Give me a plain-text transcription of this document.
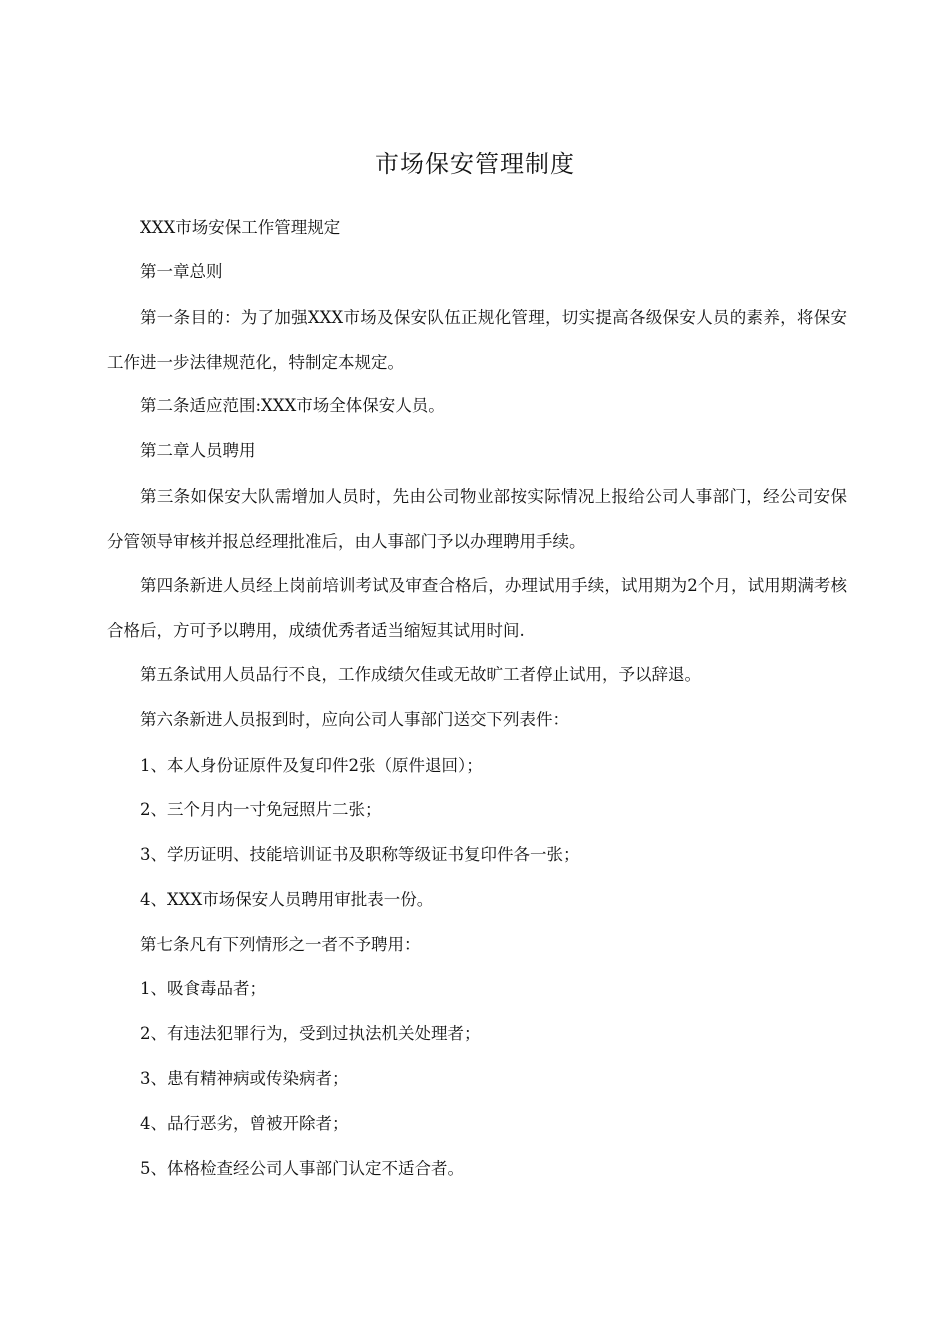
市场保安管理制度

XXX市场安保工作管理规定

第一章总则

第一条目的：为了加强XXX市场及保安队伍正规化管理，切实提高各级保安人员的素养，将保安工作进一步法律规范化，特制定本规定。

第二条适应范围:XXX市场全体保安人员。

第二章人员聘用

第三条如保安大队需增加人员时，先由公司物业部按实际情况上报给公司人事部门，经公司安保分管领导审核并报总经理批准后，由人事部门予以办理聘用手续。

第四条新进人员经上岗前培训考试及审查合格后，办理试用手续，试用期为2个月，试用期满考核合格后，方可予以聘用，成绩优秀者适当缩短其试用时间.

第五条试用人员品行不良，工作成绩欠佳或无故旷工者停止试用，予以辞退。

第六条新进人员报到时，应向公司人事部门送交下列表件：

1、本人身份证原件及复印件2张（原件退回）；

2、三个月内一寸免冠照片二张；

3、学历证明、技能培训证书及职称等级证书复印件各一张；

4、XXX市场保安人员聘用审批表一份。

第七条凡有下列情形之一者不予聘用：

1、吸食毒品者；

2、有违法犯罪行为，受到过执法机关处理者；

3、患有精神病或传染病者；

4、品行恶劣，曾被开除者；

5、体格检查经公司人事部门认定不适合者。
